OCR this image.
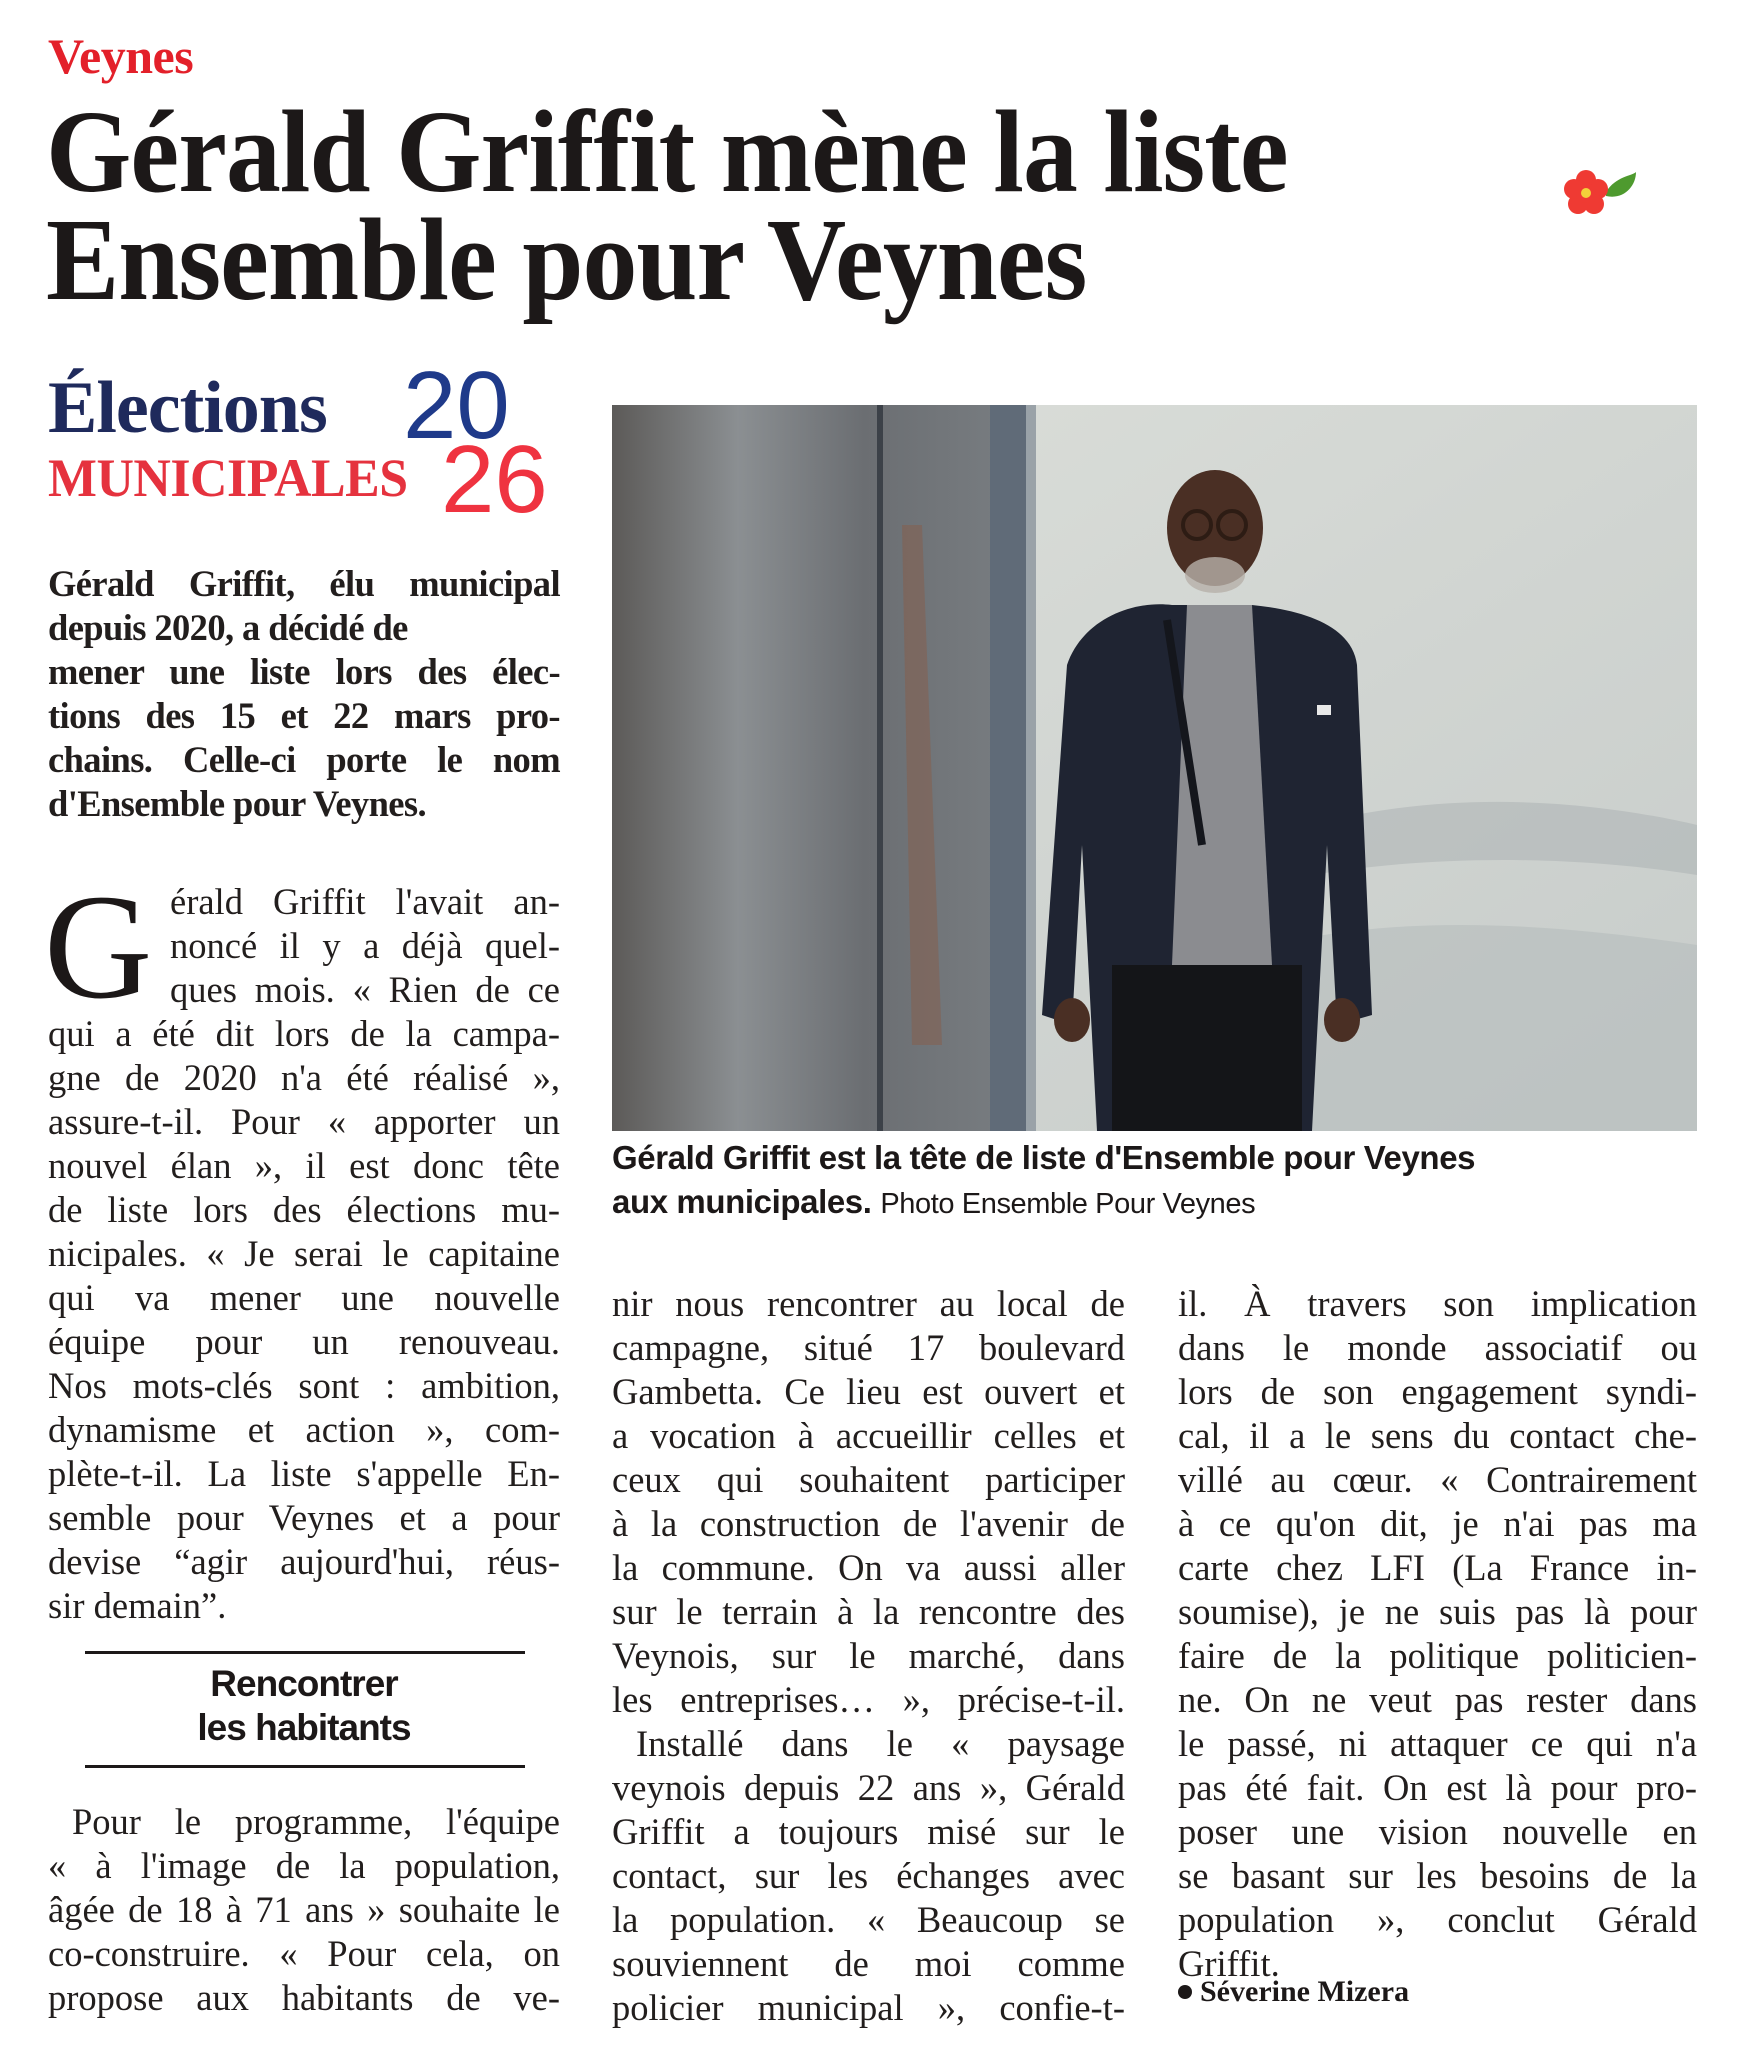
Veynes
Gérald Griffit mène la liste
Ensemble pour Veynes
Élections
MUNICIPALES
20
26
Gérald Griffit, élu municipal
depuis 2020, a décidé de
mener une liste lors des élec-
tions des 15 et 22 mars pro-
chains. Celle-ci porte le nom
d'Ensemble pour Veynes.
G érald Griffit l'avait an-
noncé il y a déjà quel-
ques mois. « Rien de ce
qui a été dit lors de la campa-
gne de 2020 n'a été réalisé »,
assure-t-il. Pour « apporter un
nouvel élan », il est donc tête
de liste lors des élections mu-
nicipales. « Je serai le capitaine
qui va mener une nouvelle
équipe pour un renouveau.
Nos mots-clés sont : ambition,
dynamisme et action », com-
plète-t-il. La liste s'appelle En-
semble pour Veynes et a pour
devise “agir aujourd'hui, réus-
sir demain”.
Rencontrer
les habitants
Pour le programme, l'équipe
« à l'image de la population,
âgée de 18 à 71 ans » souhaite le
co-construire. « Pour cela, on
propose aux habitants de ve-
Gérald Griffit est la tête de liste d'Ensemble pour Veynes
aux municipales. Photo Ensemble Pour Veynes
nir nous rencontrer au local de
campagne, situé 17 boulevard
Gambetta. Ce lieu est ouvert et
a vocation à accueillir celles et
ceux qui souhaitent participer
à la construction de l'avenir de
la commune. On va aussi aller
sur le terrain à la rencontre des
Veynois, sur le marché, dans
les entreprises… », précise-t-il.
Installé dans le « paysage
veynois depuis 22 ans », Gérald
Griffit a toujours misé sur le
contact, sur les échanges avec
la population. « Beaucoup se
souviennent de moi comme
policier municipal », confie-t-
il. À travers son implication
dans le monde associatif ou
lors de son engagement syndi-
cal, il a le sens du contact che-
villé au cœur. « Contrairement
à ce qu'on dit, je n'ai pas ma
carte chez LFI (La France in-
soumise), je ne suis pas là pour
faire de la politique politicien-
ne. On ne veut pas rester dans
le passé, ni attaquer ce qui n'a
pas été fait. On est là pour pro-
poser une vision nouvelle en
se basant sur les besoins de la
population », conclut Gérald
Griffit.
Séverine Mizera
